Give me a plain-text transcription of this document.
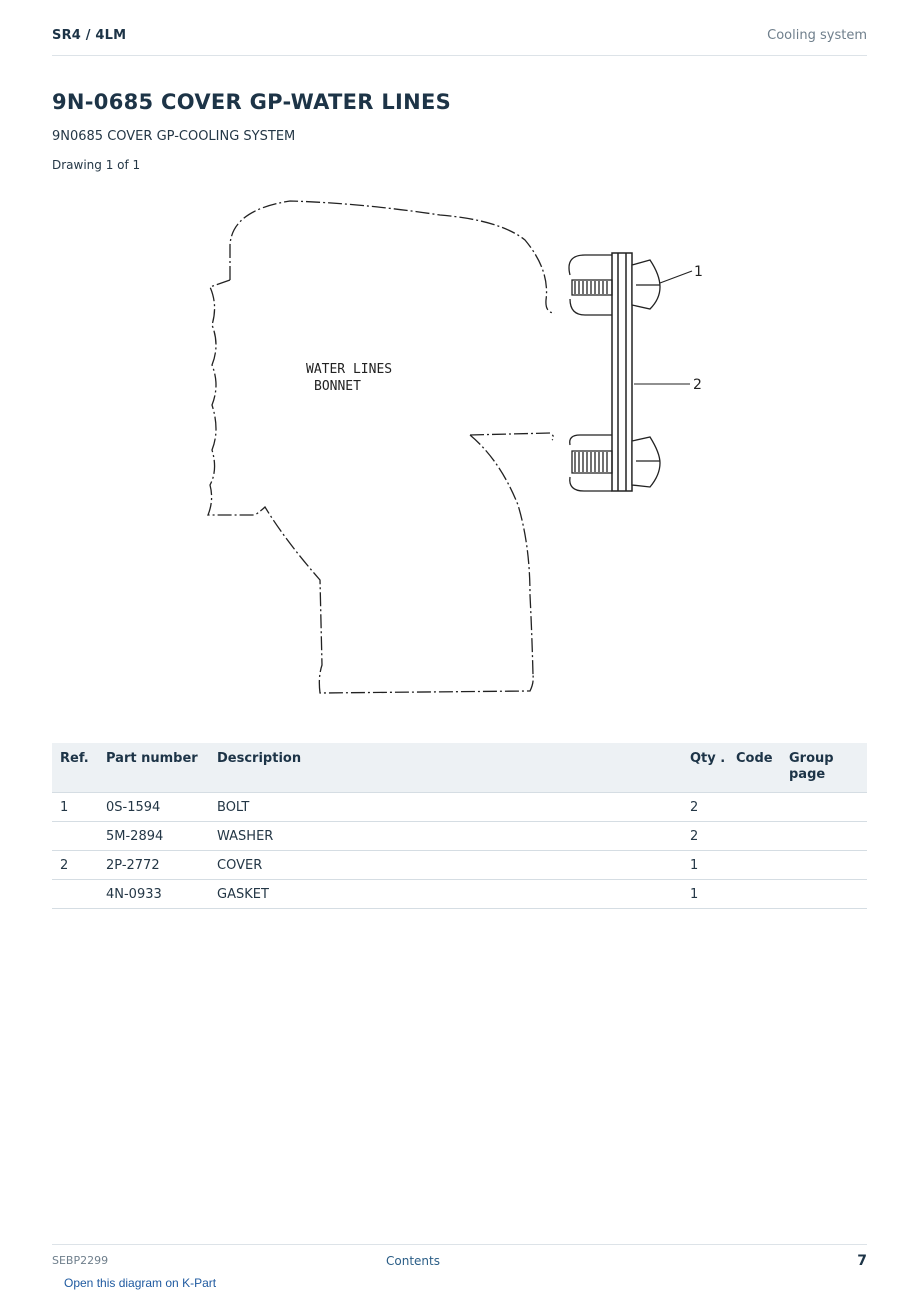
SR4 / 4LM	Cooling system
9N-0685 COVER GP-WATER LINES
9N0685 COVER GP-COOLING SYSTEM
Drawing 1 of 1
1
2
WATER LINES
BONNET
Ref.	Part number	Description	Qty .	Code	Group page
1	0S-1594	BOLT	2		
	5M-2894	WASHER	2		
2	2P-2772	COVER	1		
	4N-0933	GASKET	1		
SEBP2299	Contents	7
Open this diagram on K-Part
